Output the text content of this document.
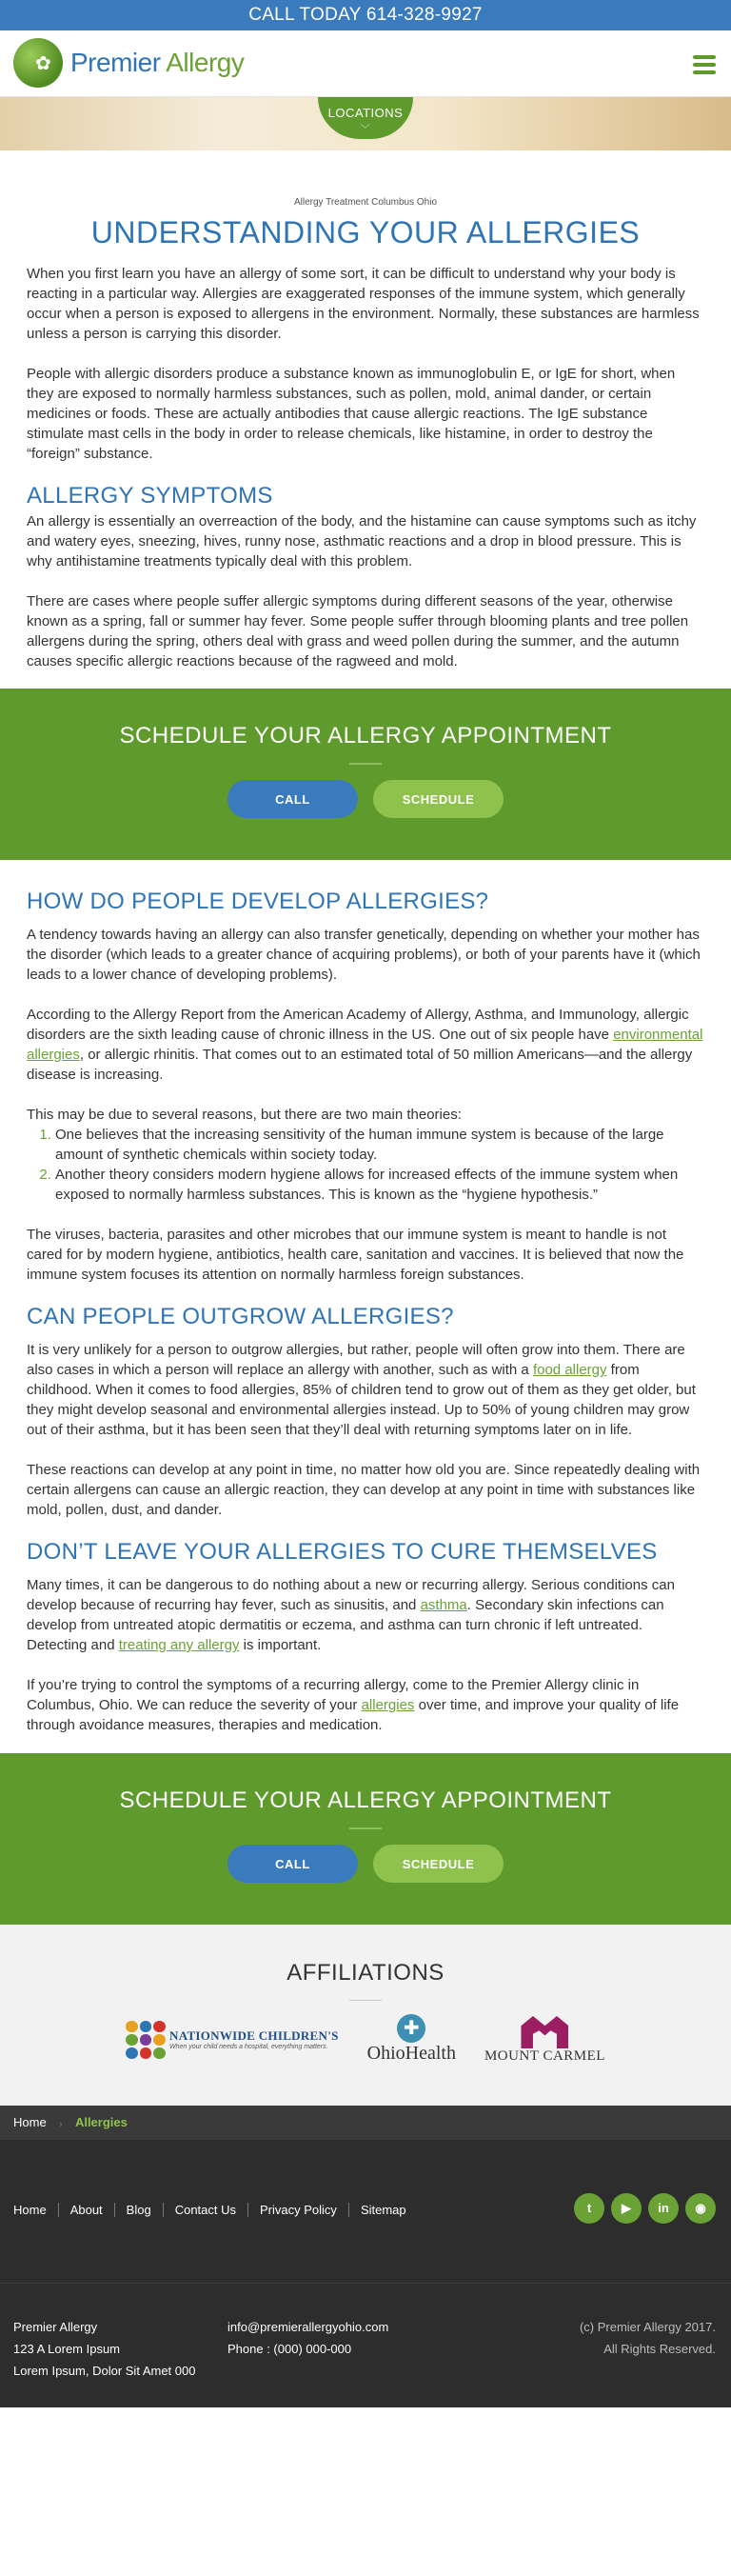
CALL TODAY 614-328-9927
✿
Premier Allergy
LOCATIONS
﹀
Allergy Treatment Columbus Ohio
UNDERSTANDING YOUR ALLERGIES

When you first learn you have an allergy of some sort, it can be difficult to understand why your body is reacting in a particular way. Allergies are exaggerated responses of the immune system, which generally occur when a person is exposed to allergens in the environment. Normally, these substances are harmless unless a person is carrying this disorder.

People with allergic disorders produce a substance known as immunoglobulin E, or IgE for short, when they are exposed to normally harmless substances, such as pollen, mold, animal dander, or certain medicines or foods. These are actually antibodies that cause allergic reactions. The IgE substance stimulate mast cells in the body in order to release chemicals, like histamine, in order to destroy the “foreign” substance.

ALLERGY SYMPTOMS

An allergy is essentially an overreaction of the body, and the histamine can cause symptoms such as itchy and watery eyes, sneezing, hives, runny nose, asthmatic reactions and a drop in blood pressure. This is why antihistamine treatments typically deal with this problem.

There are cases where people suffer allergic symptoms during different seasons of the year, otherwise known as a spring, fall or summer hay fever. Some people suffer through blooming plants and tree pollen allergens during the spring, others deal with grass and weed pollen during the summer, and the autumn causes specific allergic reactions because of the ragweed and mold.

SCHEDULE YOUR ALLERGY APPOINTMENT
CALL	SCHEDULE
HOW DO PEOPLE DEVELOP ALLERGIES?

A tendency towards having an allergy can also transfer genetically, depending on whether your mother has the disorder (which leads to a greater chance of acquiring problems), or both of your parents have it (which leads to a lower chance of developing problems).

According to the Allergy Report from the American Academy of Allergy, Asthma, and Immunology, allergic disorders are the sixth leading cause of chronic illness in the US. One out of six people have environmental allergies, or allergic rhinitis. That comes out to an estimated total of 50 million Americans—and the allergy disease is increasing.

This may be due to several reasons, but there are two main theories:

1. One believes that the increasing sensitivity of the human immune system is because of the large amount of synthetic chemicals within society today.
2. Another theory considers modern hygiene allows for increased effects of the immune system when exposed to normally harmless substances. This is known as the “hygiene hypothesis.”

The viruses, bacteria, parasites and other microbes that our immune system is meant to handle is not cared for by modern hygiene, antibiotics, health care, sanitation and vaccines. It is believed that now the immune system focuses its attention on normally harmless foreign substances.

CAN PEOPLE OUTGROW ALLERGIES?

It is very unlikely for a person to outgrow allergies, but rather, people will often grow into them. There are also cases in which a person will replace an allergy with another, such as with a food allergy from childhood. When it comes to food allergies, 85% of children tend to grow out of them as they get older, but they might develop seasonal and environmental allergies instead. Up to 50% of young children may grow out of their asthma, but it has been seen that they’ll deal with returning symptoms later on in life.

These reactions can develop at any point in time, no matter how old you are. Since repeatedly dealing with certain allergens can cause an allergic reaction, they can develop at any point in time with substances like mold, pollen, dust, and dander.

DON’T LEAVE YOUR ALLERGIES TO CURE THEMSELVES

Many times, it can be dangerous to do nothing about a new or recurring allergy. Serious conditions can develop because of recurring hay fever, such as sinusitis, and asthma. Secondary skin infections can develop from untreated atopic dermatitis or eczema, and asthma can turn chronic if left untreated. Detecting and treating any allergy is important.

If you’re trying to control the symptoms of a recurring allergy, come to the Premier Allergy clinic in Columbus, Ohio. We can reduce the severity of your allergies over time, and improve your quality of life through avoidance measures, therapies and medication.

SCHEDULE YOUR ALLERGY APPOINTMENT
CALL	SCHEDULE
AFFILIATIONS
NATIONWIDE CHILDREN'S
When your child needs a hospital, everything matters.
✚
OhioHealth MOUNT CARMEL
Home › Allergies
Home	About	Blog	Contact Us	Privacy Policy	Sitemap	t	▶	in	◉
Premier Allergy
123 A Lorem Ipsum
Lorem Ipsum, Dolor Sit Amet 000
info@premierallergyohio.com
Phone : (000) 000-000
(c) Premier Allergy 2017.
All Rights Reserved.
